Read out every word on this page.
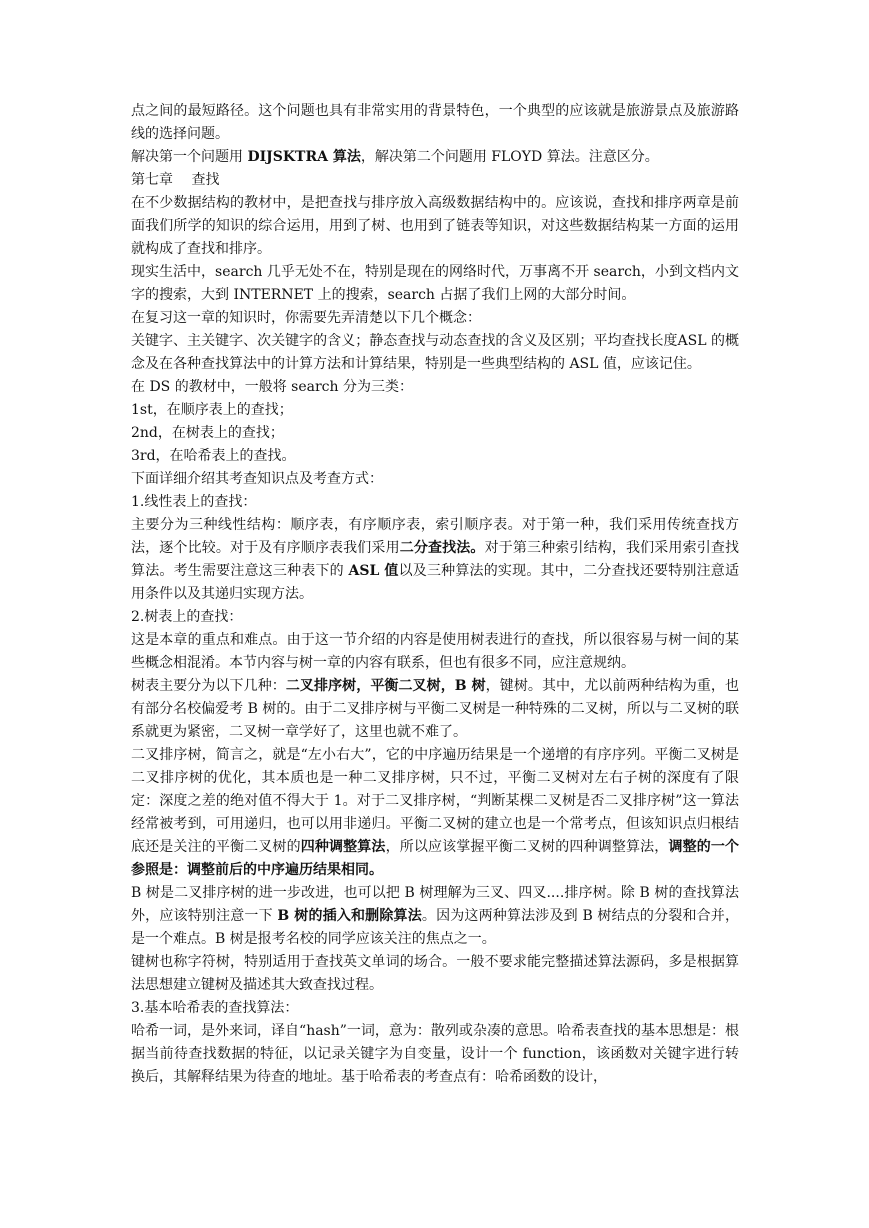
点之间的最短路径。这个问题也具有非常实用的背景特色，一个典型的应该就是旅游景点及旅游路线的选择问题。

解决第一个问题用 DIJSKTRA 算法，解决第二个问题用 FLOYD 算法。注意区分。

第七章　 查找

在不少数据结构的教材中，是把查找与排序放入高级数据结构中的。应该说，查找和排序两章是前面我们所学的知识的综合运用，用到了树、也用到了链表等知识，对这些数据结构某一方面的运用就构成了查找和排序。

现实生活中，search 几乎无处不在，特别是现在的网络时代，万事离不开 search，小到文档内文字的搜索，大到 INTERNET 上的搜索，search 占据了我们上网的大部分时间。

在复习这一章的知识时，你需要先弄清楚以下几个概念：

关键字、主关键字、次关键字的含义；静态查找与动态查找的含义及区别；平均查找长度ASL 的概念及在各种查找算法中的计算方法和计算结果，特别是一些典型结构的 ASL 值，应该记住。

在 DS 的教材中，一般将 search 分为三类：

1st，在顺序表上的查找；

2nd，在树表上的查找；

3rd，在哈希表上的查找。

下面详细介绍其考查知识点及考查方式：

1.线性表上的查找：

主要分为三种线性结构：顺序表，有序顺序表，索引顺序表。对于第一种，我们采用传统查找方法，逐个比较。对于及有序顺序表我们采用二分查找法。对于第三种索引结构，我们采用索引查找算法。考生需要注意这三种表下的 ASL 值以及三种算法的实现。其中，二分查找还要特别注意适用条件以及其递归实现方法。

2.树表上的查找：

这是本章的重点和难点。由于这一节介绍的内容是使用树表进行的查找，所以很容易与树一间的某些概念相混淆。本节内容与树一章的内容有联系，但也有很多不同，应注意规纳。

树表主要分为以下几种：二叉排序树，平衡二叉树，B 树，键树。其中，尤以前两种结构为重，也有部分名校偏爱考 B 树的。由于二叉排序树与平衡二叉树是一种特殊的二叉树，所以与二叉树的联系就更为紧密，二叉树一章学好了，这里也就不难了。

二叉排序树，简言之，就是“左小右大”，它的中序遍历结果是一个递增的有序序列。平衡二叉树是二叉排序树的优化，其本质也是一种二叉排序树，只不过，平衡二叉树对左右子树的深度有了限定：深度之差的绝对值不得大于 1。对于二叉排序树，“判断某棵二叉树是否二叉排序树”这一算法经常被考到，可用递归，也可以用非递归。平衡二叉树的建立也是一个常考点，但该知识点归根结底还是关注的平衡二叉树的四种调整算法，所以应该掌握平衡二叉树的四种调整算法，调整的一个参照是：调整前后的中序遍历结果相同。

B 树是二叉排序树的进一步改进，也可以把 B 树理解为三叉、四叉....排序树。除 B 树的查找算法外，应该特别注意一下 B 树的插入和删除算法。因为这两种算法涉及到 B 树结点的分裂和合并，是一个难点。B 树是报考名校的同学应该关注的焦点之一。

键树也称字符树，特别适用于查找英文单词的场合。一般不要求能完整描述算法源码，多是根据算法思想建立键树及描述其大致查找过程。

3.基本哈希表的查找算法：

哈希一词，是外来词，译自“hash”一词，意为：散列或杂凑的意思。哈希表查找的基本思想是：根据当前待查找数据的特征，以记录关键字为自变量，设计一个 function，该函数对关键字进行转换后，其解释结果为待查的地址。基于哈希表的考查点有：哈希函数的设计，
